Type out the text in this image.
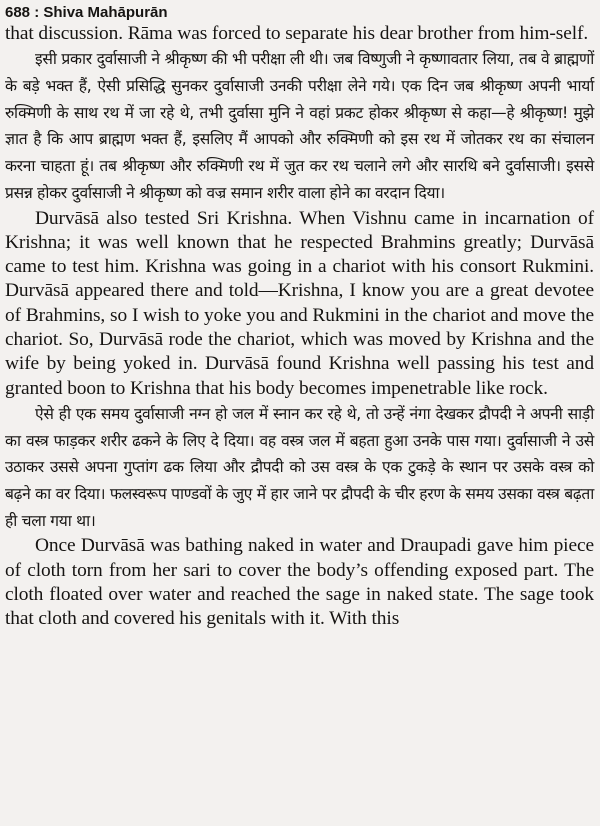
688 : Shiva Mahāpurān

that discussion. Rāma was forced to separate his dear brother from him-self.

इसी प्रकार दुर्वासाजी ने श्रीकृष्ण की भी परीक्षा ली थी। जब विष्णुजी ने कृष्णावतार लिया, तब वे ब्राह्मणों के बड़े भक्त हैं, ऐसी प्रसिद्धि सुनकर दुर्वासाजी उनकी परीक्षा लेने गये। एक दिन जब श्रीकृष्ण अपनी भार्या रुक्मिणी के साथ रथ में जा रहे थे, तभी दुर्वासा मुनि ने वहां प्रकट होकर श्रीकृष्ण से कहा—हे श्रीकृष्ण! मुझे ज्ञात है कि आप ब्राह्मण भक्त हैं, इसलिए मैं आपको और रुक्मिणी को इस रथ में जोतकर रथ का संचालन करना चाहता हूं। तब श्रीकृष्ण और रुक्मिणी रथ में जुत कर रथ चलाने लगे और सारथि बने दुर्वासाजी। इससे प्रसन्न होकर दुर्वासाजी ने श्रीकृष्ण को वज्र समान शरीर वाला होने का वरदान दिया।

Durvāsā also tested Sri Krishna. When Vishnu came in incarnation of Krishna; it was well known that he respected Brahmins greatly; Durvāsā came to test him. Krishna was going in a chariot with his consort Rukmini. Durvāsā appeared there and told—Krishna, I know you are a great devotee of Brahmins, so I wish to yoke you and Rukmini in the chariot and move the chariot. So, Durvāsā rode the chariot, which was moved by Krishna and the wife by being yoked in. Durvāsā found Krishna well passing his test and granted boon to Krishna that his body becomes impenetrable like rock.

ऐसे ही एक समय दुर्वासाजी नग्न हो जल में स्नान कर रहे थे, तो उन्हें नंगा देखकर द्रौपदी ने अपनी साड़ी का वस्त्र फाड़कर शरीर ढकने के लिए दे दिया। वह वस्त्र जल में बहता हुआ उनके पास गया। दुर्वासाजी ने उसे उठाकर उससे अपना गुप्तांग ढक लिया और द्रौपदी को उस वस्त्र के एक टुकड़े के स्थान पर उसके वस्त्र को बढ़ने का वर दिया। फलस्वरूप पाण्डवों के जुए में हार जाने पर द्रौपदी के चीर हरण के समय उसका वस्त्र बढ़ता ही चला गया था।

Once Durvāsā was bathing naked in water and Draupadi gave him piece of cloth torn from her sari to cover the body’s offending exposed part. The cloth floated over water and reached the sage in naked state. The sage took that cloth and covered his genitals with it. With this
